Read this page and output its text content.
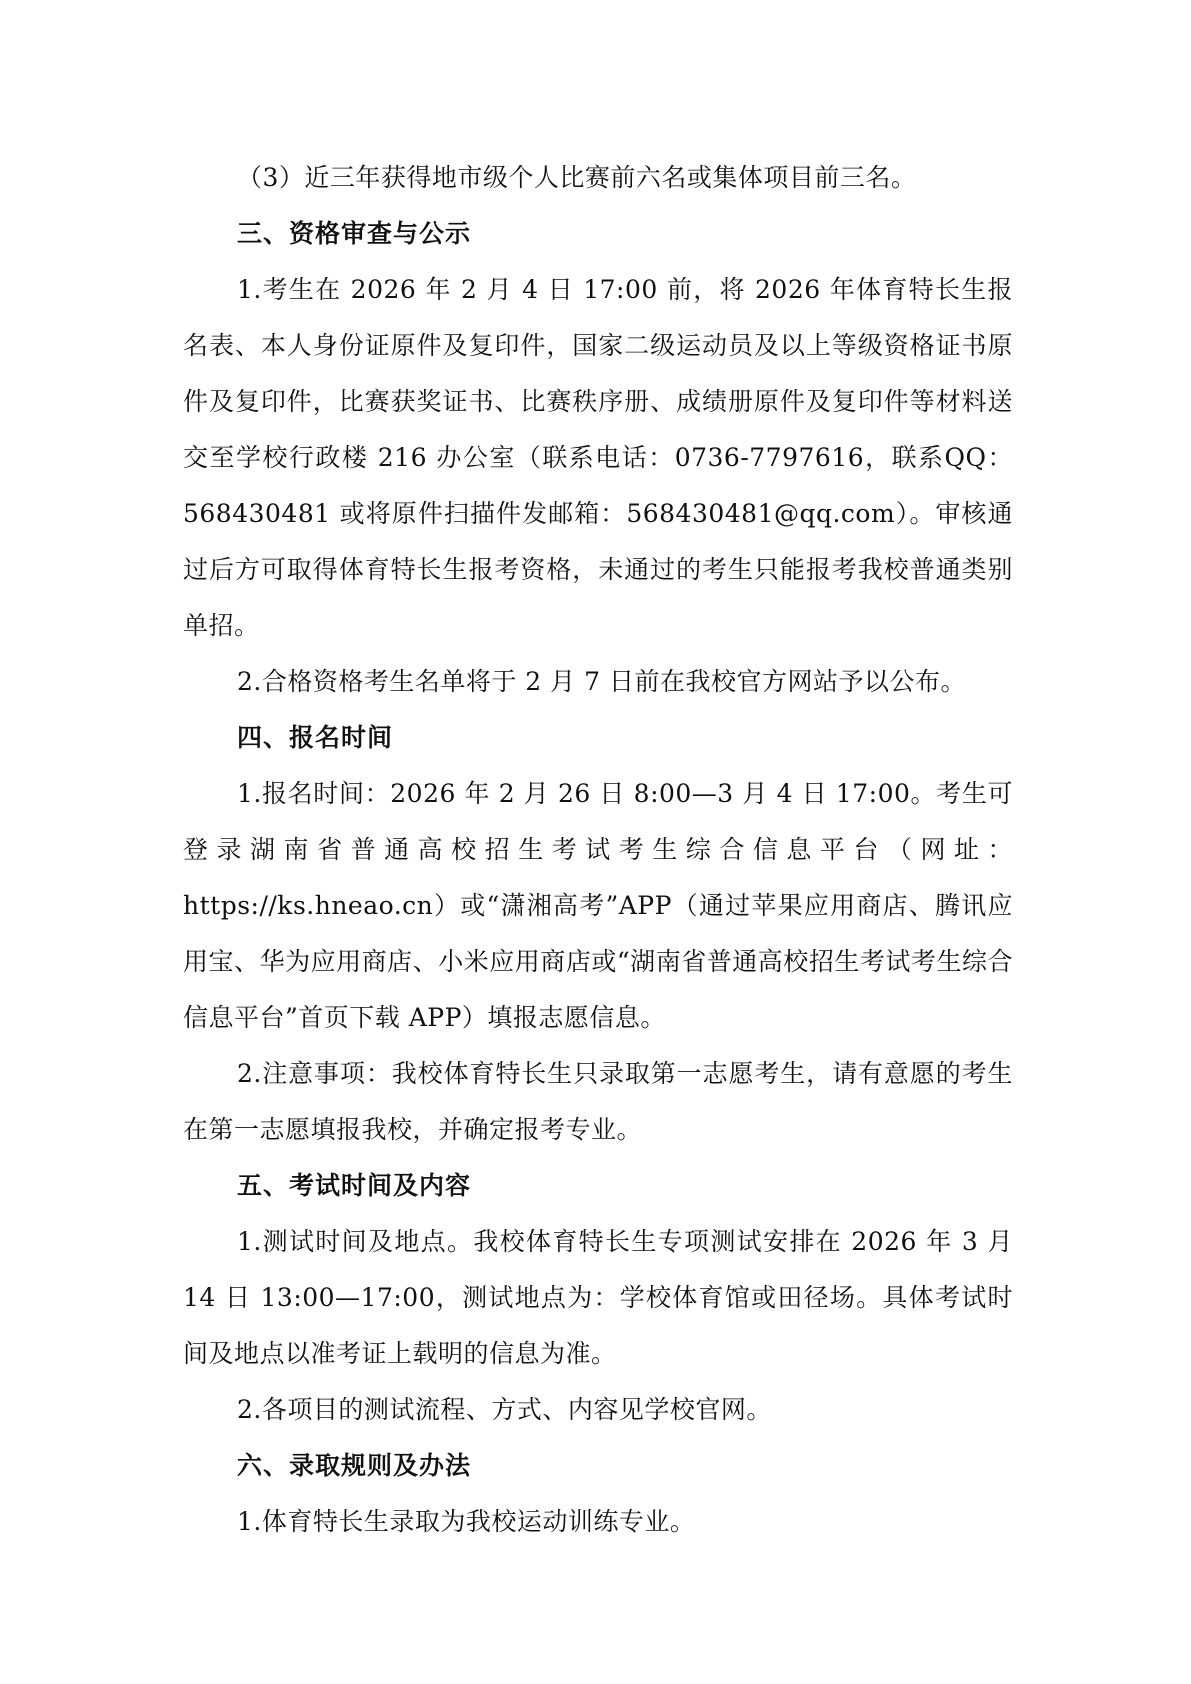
（3）近三年获得地市级个人比赛前六名或集体项目前三名。

三、资格审查与公示

1.考生在 2026 年 2 月 4 日 17:00 前，将 2026 年体育特长生报名表、本人身份证原件及复印件，国家二级运动员及以上等级资格证书原件及复印件，比赛获奖证书、比赛秩序册、成绩册原件及复印件等材料送交至学校行政楼 216 办公室（联系电话：0736-7797616，联系QQ：568430481 或将原件扫描件发邮箱：568430481@qq.com）。审核通过后方可取得体育特长生报考资格，未通过的考生只能报考我校普通类别单招。

2.合格资格考生名单将于 2 月 7 日前在我校官方网站予以公布。

四、报名时间

1.报名时间：2026 年 2 月 26 日 8:00—3 月 4 日 17:00。考生可登录湖南省普通高校招生考试考生综合信息平台（网址：https://ks.hneao.cn）或“潇湘高考”APP（通过苹果应用商店、腾讯应用宝、华为应用商店、小米应用商店或“湖南省普通高校招生考试考生综合信息平台”首页下载 APP）填报志愿信息。

2.注意事项：我校体育特长生只录取第一志愿考生，请有意愿的考生在第一志愿填报我校，并确定报考专业。

五、考试时间及内容

1.测试时间及地点。我校体育特长生专项测试安排在 2026 年 3 月 14 日 13:00—17:00，测试地点为：学校体育馆或田径场。具体考试时间及地点以准考证上载明的信息为准。

2.各项目的测试流程、方式、内容见学校官网。

六、录取规则及办法

1.体育特长生录取为我校运动训练专业。
